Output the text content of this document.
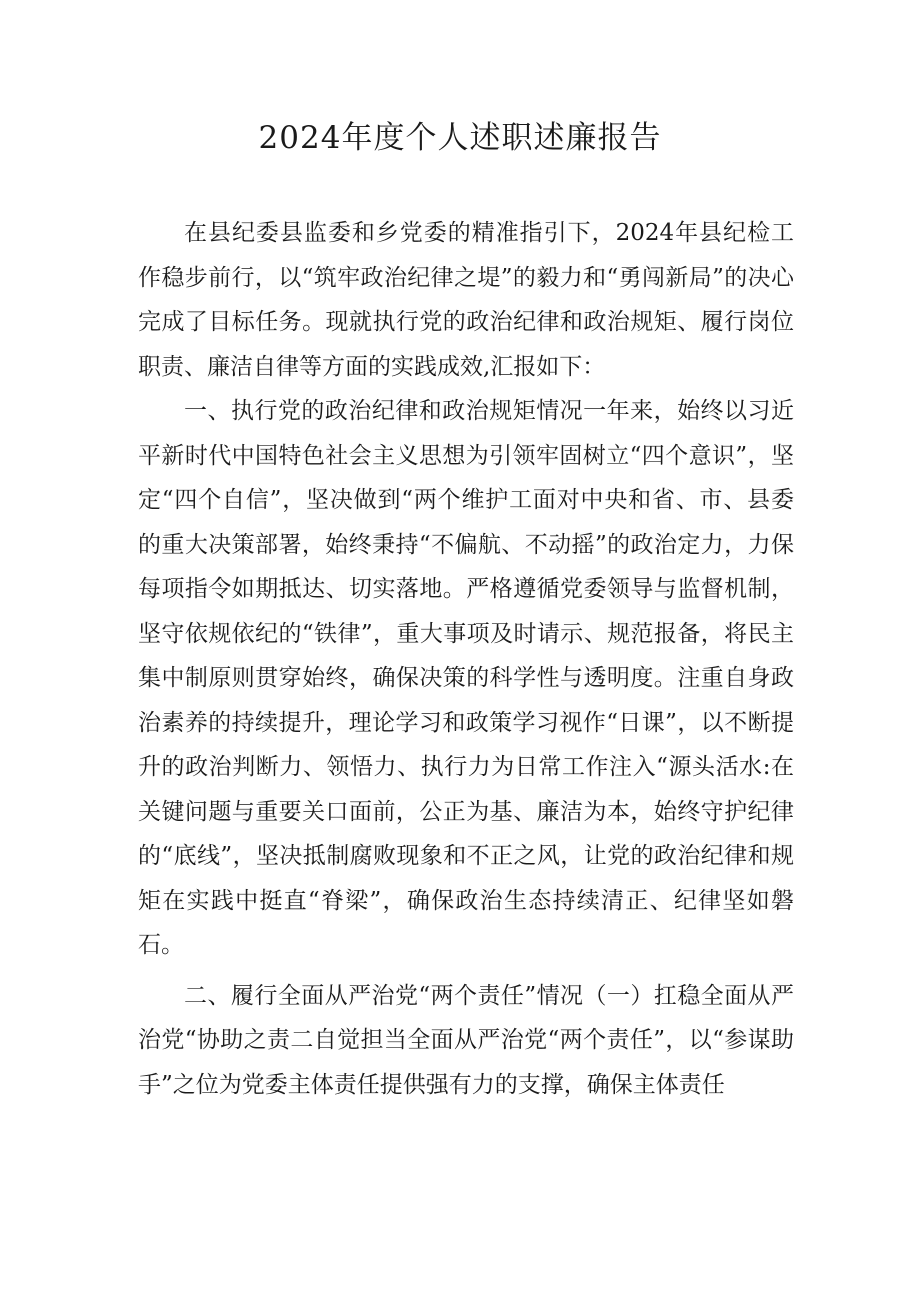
2024年度个人述职述廉报告

在县纪委县监委和乡党委的精准指引下，2024年县纪检工作稳步前行，以“筑牢政治纪律之堤”的毅力和“勇闯新局”的决心完成了目标任务。现就执行党的政治纪律和政治规矩、履行岗位职责、廉洁自律等方面的实践成效,汇报如下：

一、执行党的政治纪律和政治规矩情况一年来，始终以习近平新时代中国特色社会主义思想为引领牢固树立“四个意识”，坚定“四个自信”，坚决做到“两个维护工面对中央和省、市、县委的重大决策部署，始终秉持“不偏航、不动摇”的政治定力，力保每项指令如期抵达、切实落地。严格遵循党委领导与监督机制，坚守依规依纪的“铁律”，重大事项及时请示、规范报备，将民主集中制原则贯穿始终，确保决策的科学性与透明度。注重自身政治素养的持续提升，理论学习和政策学习视作“日课”，以不断提升的政治判断力、领悟力、执行力为日常工作注入“源头活水:在关键问题与重要关口面前，公正为基、廉洁为本，始终守护纪律的“底线”，坚决抵制腐败现象和不正之风，让党的政治纪律和规矩在实践中挺直“脊梁”，确保政治生态持续清正、纪律坚如磐石。

二、履行全面从严治党“两个责任”情况（一）扛稳全面从严治党“协助之责二自觉担当全面从严治党“两个责任”，以“参谋助手”之位为党委主体责任提供强有力的支撑，确保主体责任
